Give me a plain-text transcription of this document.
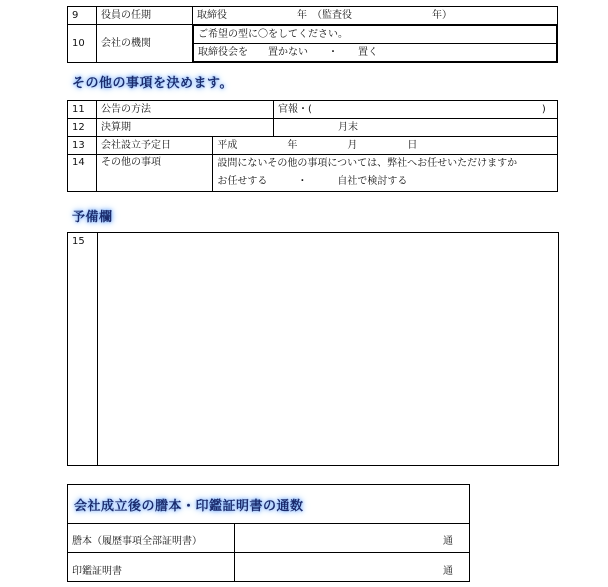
9	役員の任期	取締役　　　　　　　年　（監査役　　　　　　　　年）
10	会社の機関	
ご希望の型に〇をしてください。
取締役会を　　置かない　　・　　置く
その他の事項を決めます。
11	公告の方法		官報・(　　　　　　　　　　　　　　　　　　　　　　　)
12	決算期		月末
13	会社設立予定日	平成　　　　　年　　　　　月　　　　　日	
14	その他の事項	設問にないその他の事項については、弊社へお任せいただけますか
お任せする　　　・　　　自社で検討する	
予備欄
15
会社成立後の謄本・印鑑証明書の通数
謄本（履歴事項全部証明書）	通
印鑑証明書	通
